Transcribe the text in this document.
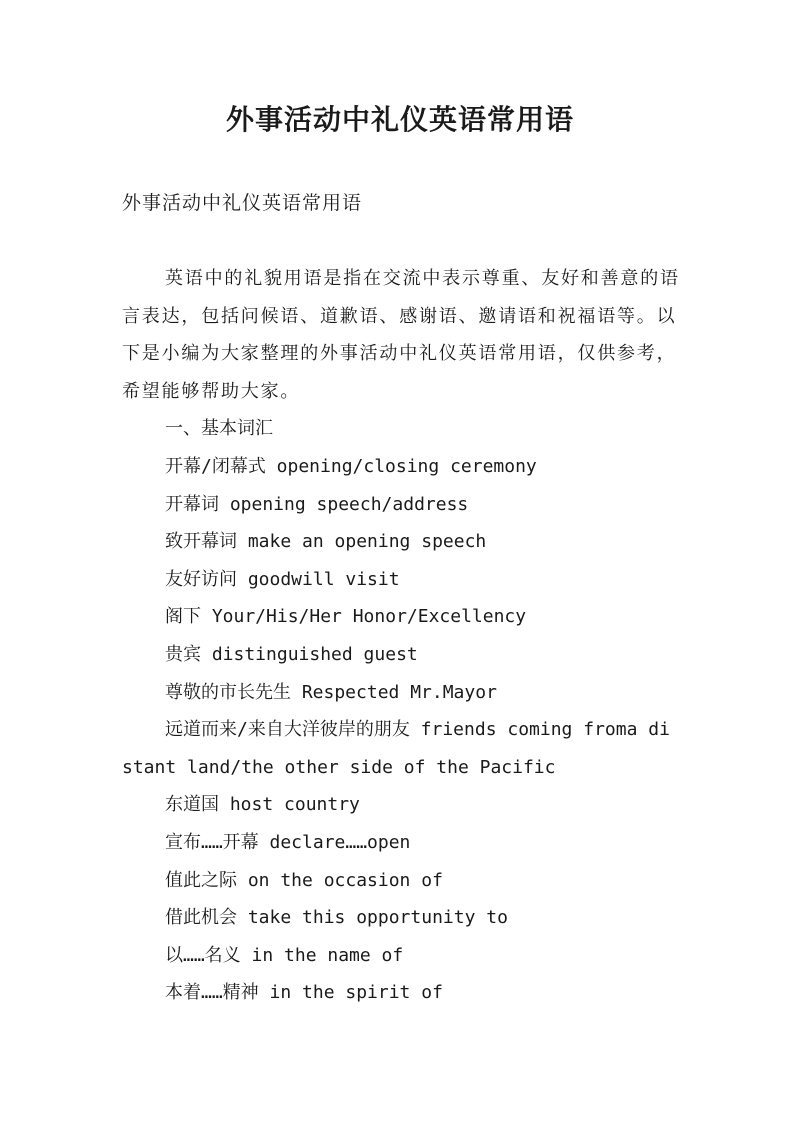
外事活动中礼仪英语常用语

外事活动中礼仪英语常用语

英语中的礼貌用语是指在交流中表示尊重、友好和善意的语言表达，包括问候语、道歉语、感谢语、邀请语和祝福语等。以下是小编为大家整理的外事活动中礼仪英语常用语，仅供参考，希望能够帮助大家。

一、基本词汇

开幕/闭幕式 opening/closing ceremony

开幕词 opening speech/address

致开幕词 make an opening speech

友好访问 goodwill visit

阁下 Your/His/Her Honor/Excellency

贵宾 distinguished guest

尊敬的市长先生 Respected Mr.Mayor

远道而来/来自大洋彼岸的朋友 friends coming froma distant land/the other side of the Pacific

东道国 host country

宣布……开幕 declare……open

值此之际 on the occasion of

借此机会 take this opportunity to

以……名义 in the name of

本着……精神 in the spirit of
